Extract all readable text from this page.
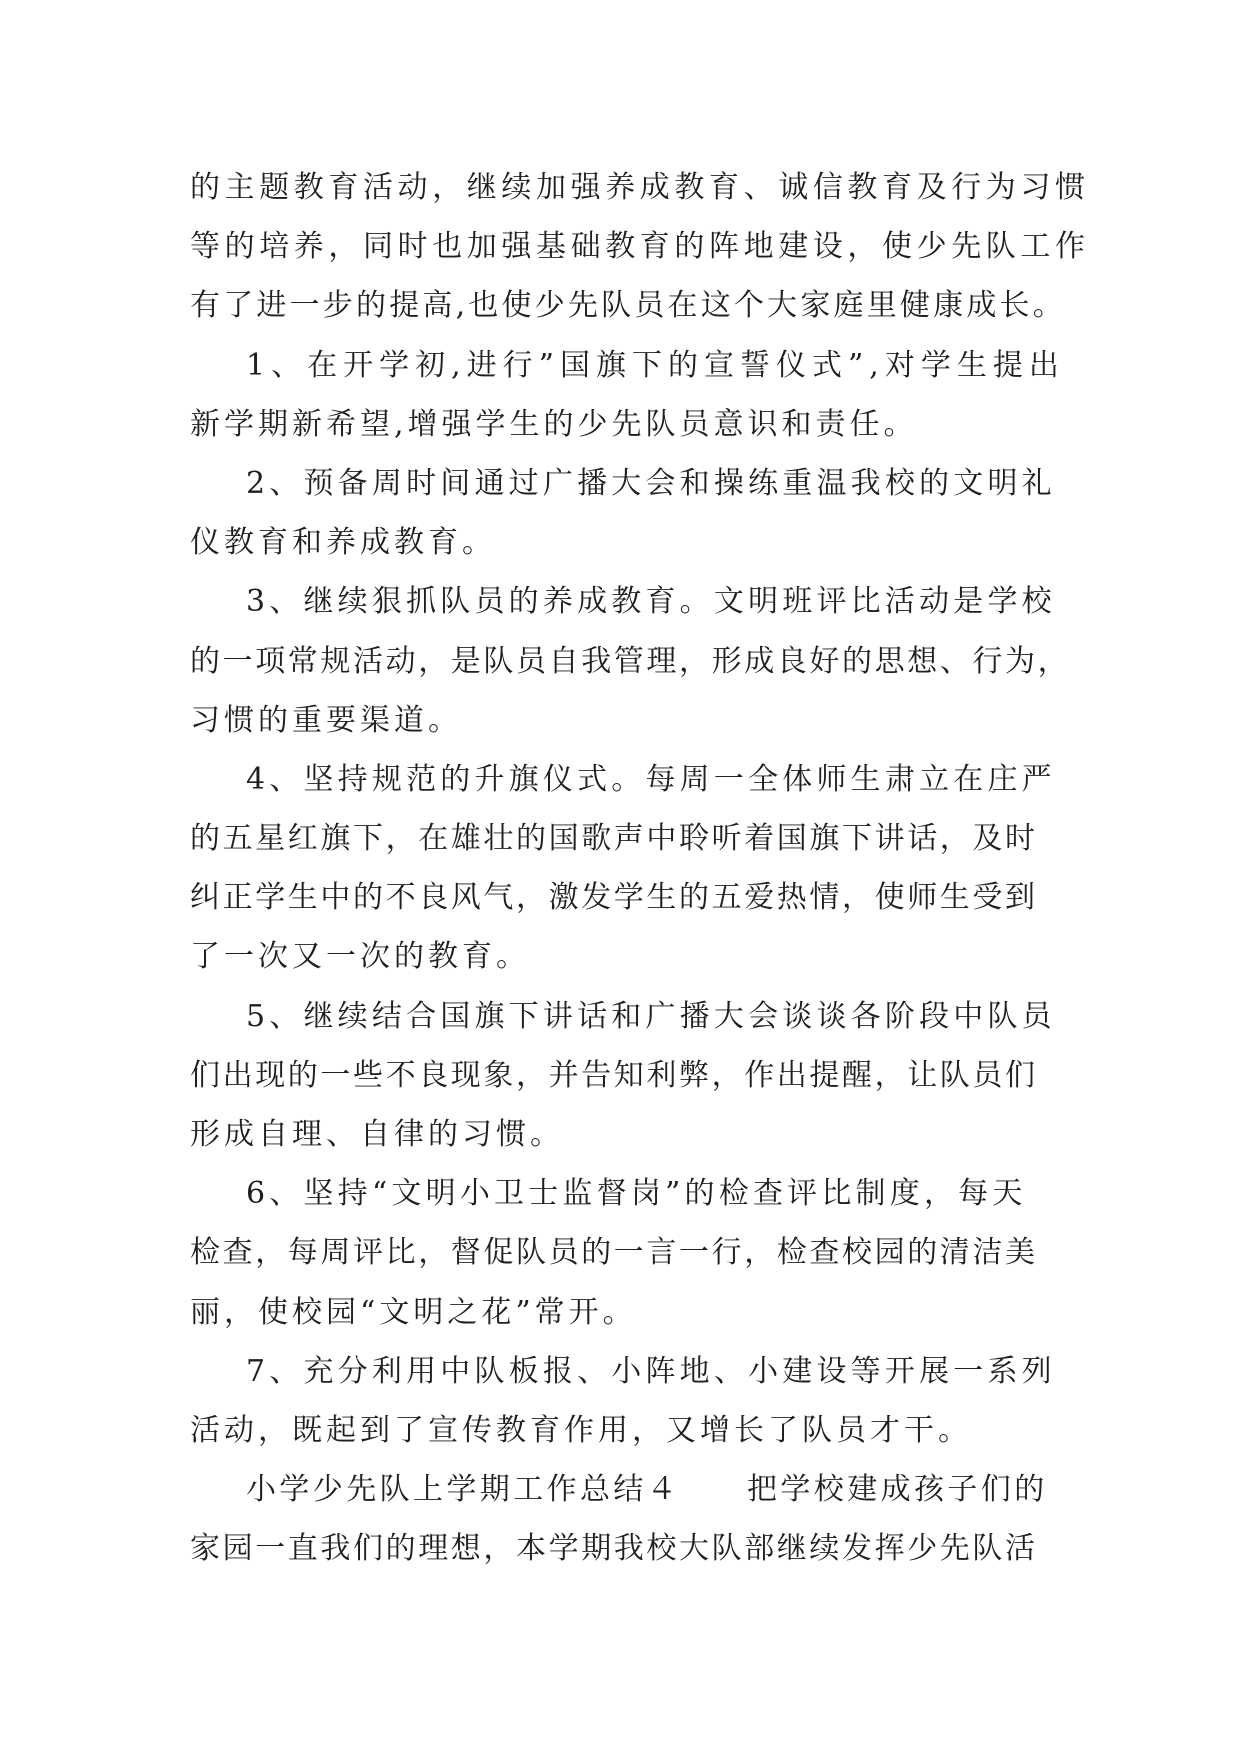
的主题教育活动，继续加强养成教育、诚信教育及行为习惯
等的培养，同时也加强基础教育的阵地建设，使少先队工作
有了进一步的提高,也使少先队员在这个大家庭里健康成长。
1、在开学初,进行”国旗下的宣誓仪式”,对学生提出
新学期新希望,增强学生的少先队员意识和责任。
2、预备周时间通过广播大会和操练重温我校的文明礼
仪教育和养成教育。
3、继续狠抓队员的养成教育。文明班评比活动是学校
的一项常规活动，是队员自我管理，形成良好的思想、行为，
习惯的重要渠道。
4、坚持规范的升旗仪式。每周一全体师生肃立在庄严
的五星红旗下，在雄壮的国歌声中聆听着国旗下讲话，及时
纠正学生中的不良风气，激发学生的五爱热情，使师生受到
了一次又一次的教育。
5、继续结合国旗下讲话和广播大会谈谈各阶段中队员
们出现的一些不良现象，并告知利弊，作出提醒，让队员们
形成自理、自律的习惯。
6、坚持“文明小卫士监督岗”的检查评比制度，每天
检查，每周评比，督促队员的一言一行，检查校园的清洁美
丽，使校园“文明之花”常开。
7、充分利用中队板报、小阵地、小建设等开展一系列
活动，既起到了宣传教育作用，又增长了队员才干。
小学少先队上学期工作总结４　　把学校建成孩子们的
家园一直我们的理想，本学期我校大队部继续发挥少先队活
